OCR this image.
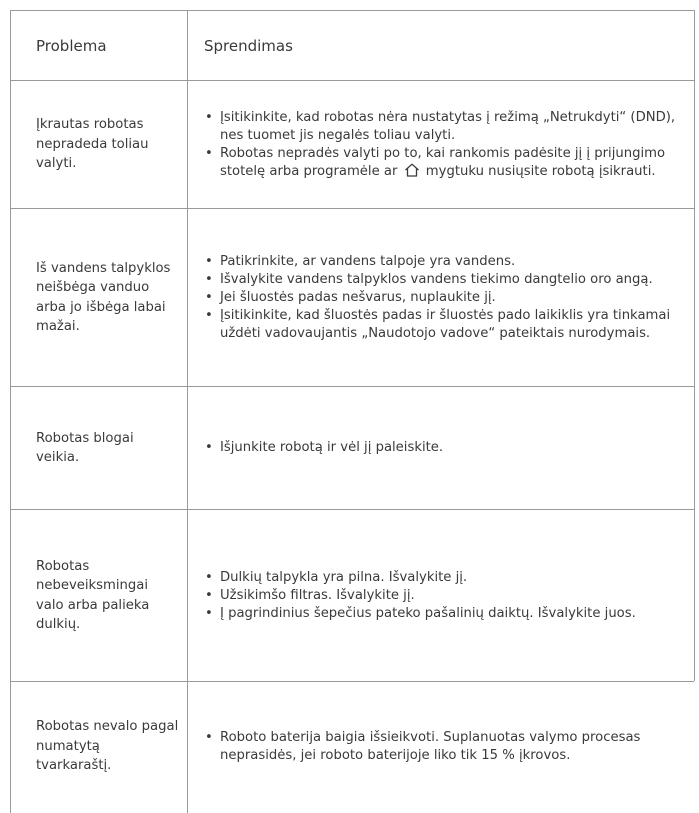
Problema	Sprendimas
Įkrautas robotas nepradeda toliau valyti.
• Įsitikinkite, kad robotas nėra nustatytas į režimą „Netrukdyti“ (DND), nes tuomet jis negalės toliau valyti.
• Robotas nepradės valyti po to, kai rankomis padėsite jį į prijungimo stotelę arba programėle ar mygtuku nusiųsite robotą įsikrauti.
Iš vandens talpyklos neišbėga vanduo arba jo išbėga labai mažai.
• Patikrinkite, ar vandens talpoje yra vandens.
• Išvalykite vandens talpyklos vandens tiekimo dangtelio oro angą.
• Jei šluostės padas nešvarus, nuplaukite jį.
• Įsitikinkite, kad šluostės padas ir šluostės pado laikiklis yra tinkamai uždėti vadovaujantis „Naudotojo vadove“ pateiktais nurodymais.
Robotas blogai veikia.
• Išjunkite robotą ir vėl jį paleiskite.
Robotas nebeveiksmingai valo arba palieka dulkių.
• Dulkių talpykla yra pilna. Išvalykite jį.
• Užsikimšo filtras. Išvalykite jį.
• Į pagrindinius šepečius pateko pašalinių daiktų. Išvalykite juos.
Robotas nevalo pagal numatytą tvarkaraštį.
• Roboto baterija baigia išsieikvoti. Suplanuotas valymo procesas neprasidės, jei roboto baterijoje liko tik 15 % įkrovos.
